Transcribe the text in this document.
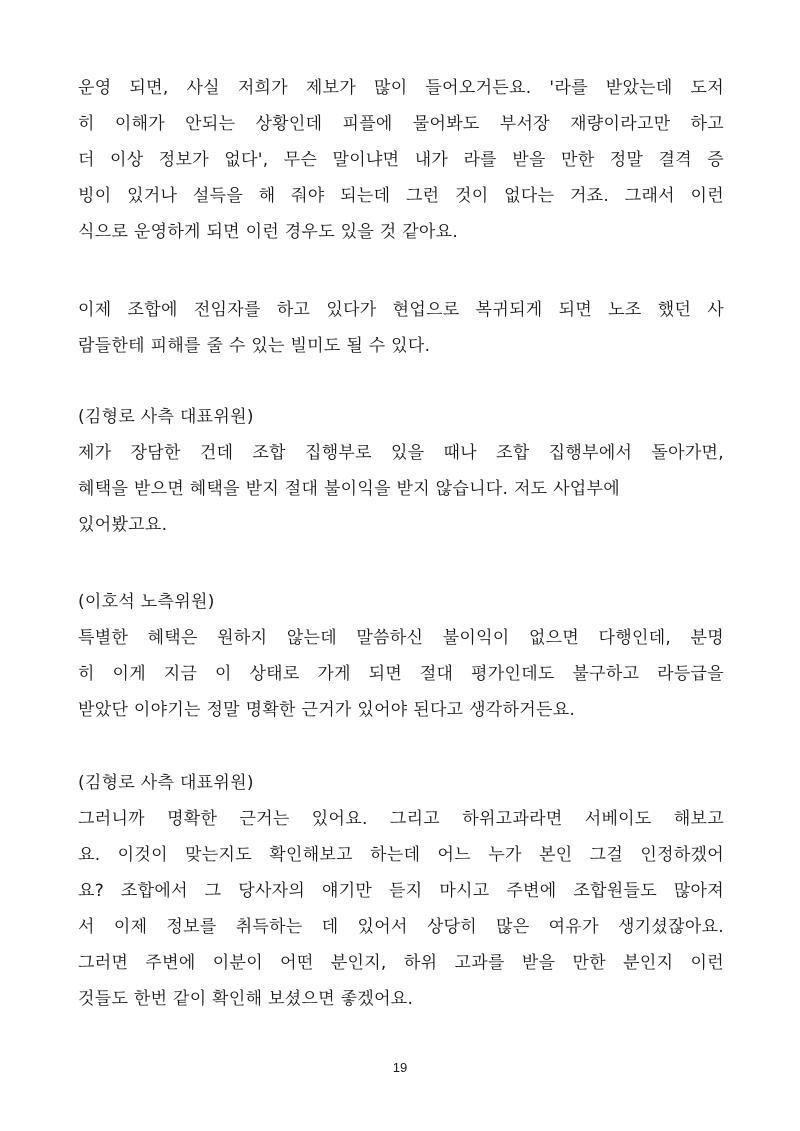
운영 되면, 사실 저희가 제보가 많이 들어오거든요. '라를 받았는데 도저
히 이해가 안되는 상황인데 피플에 물어봐도 부서장 재량이라고만 하고
더 이상 정보가 없다', 무슨 말이냐면 내가 라를 받을 만한 정말 결격 증
빙이 있거나 설득을 해 줘야 되는데 그런 것이 없다는 거죠. 그래서 이런
식으로 운영하게 되면 이런 경우도 있을 것 같아요.
이제 조합에 전임자를 하고 있다가 현업으로 복귀되게 되면 노조 했던 사
람들한테 피해를 줄 수 있는 빌미도 될 수 있다.
(김형로 사측 대표위원)
제가 장담한 건데 조합 집행부로 있을 때나 조합 집행부에서 돌아가면,
혜택을 받으면 혜택을 받지 절대 불이익을 받지 않습니다. 저도 사업부에
있어봤고요.
(이호석 노측위원)
특별한 혜택은 원하지 않는데 말씀하신 불이익이 없으면 다행인데, 분명
히 이게 지금 이 상태로 가게 되면 절대 평가인데도 불구하고 라등급을
받았단 이야기는 정말 명확한 근거가 있어야 된다고 생각하거든요.
(김형로 사측 대표위원)
그러니까 명확한 근거는 있어요. 그리고 하위고과라면 서베이도 해보고
요. 이것이 맞는지도 확인해보고 하는데 어느 누가 본인 그걸 인정하겠어
요? 조합에서 그 당사자의 얘기만 듣지 마시고 주변에 조합원들도 많아져
서 이제 정보를 취득하는 데 있어서 상당히 많은 여유가 생기셨잖아요.
그러면 주변에 이분이 어떤 분인지, 하위 고과를 받을 만한 분인지 이런
것들도 한번 같이 확인해 보셨으면 좋겠어요.
19
